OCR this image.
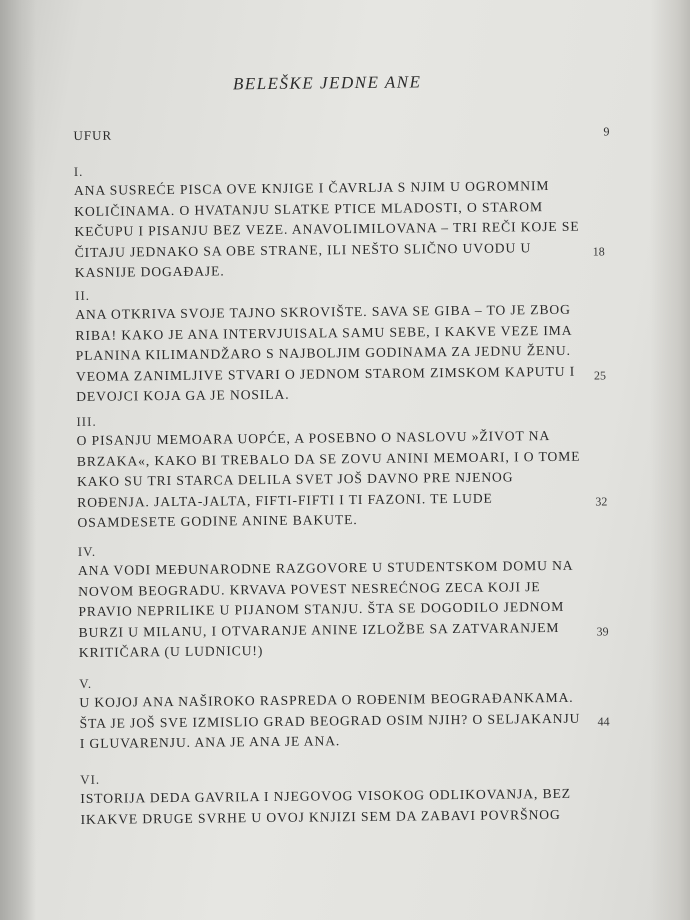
BELEŠKE JEDNE ANE
UFUR	9
I.
ANA SUSREĆE PISCA OVE KNJIGE I ČAVRLJA S NJIM U OGROMNIM KOLIČINAMA. O HVATANJU SLATKE PTICE MLADOSTI, O STAROM KEČUPU I PISANJU BEZ VEZE. ANAVOLIMILOVANA – TRI REČI KOJE SE ČITAJU JEDNAKO SA OBE STRANE, ILI NEŠTO SLIČNO UVODU U KASNIJE DOGAĐAJE.
18
II.
ANA OTKRIVA SVOJE TAJNO SKROVIŠTE. SAVA SE GIBA – TO JE ZBOG RIBA! KAKO JE ANA INTERVJUISALA SAMU SEBE, I KAKVE VEZE IMA PLANINA KILIMANDŽARO S NAJBOLJIM GODINAMA ZA JEDNU ŽENU. VEOMA ZANIMLJIVE STVARI O JEDNOM STAROM ZIMSKOM KAPUTU I DEVOJCI KOJA GA JE NOSILA.
25
III.
O PISANJU MEMOARA UOPĆE, A POSEBNO O NASLOVU »ŽIVOT NA BRZAKA«, KAKO BI TREBALO DA SE ZOVU ANINI MEMOARI, I O TOME KAKO SU TRI STARCA DELILA SVET JOŠ DAVNO PRE NJENOG ROĐENJA. JALTA-JALTA, FIFTI-FIFTI I TI FAZONI. TE LUDE OSAMDESETE GODINE ANINE BAKUTE.
32
IV.
ANA VODI MEĐUNARODNE RAZGOVORE U STUDENTSKOM DOMU NA NOVOM BEOGRADU. KRVAVA POVEST NESREĆNOG ZECA KOJI JE PRAVIO NEPRILIKE U PIJANOM STANJU. ŠTA SE DOGODILO JEDNOM BURZI U MILANU, I OTVARANJE ANINE IZLOŽBE SA ZATVARANJEM KRITIČARA (U LUDNICU!)
39
V.
U KOJOJ ANA NAŠIROKO RASPREDA O ROĐENIM BEOGRAĐANKAMA. ŠTA JE JOŠ SVE IZMISLIO GRAD BEOGRAD OSIM NJIH? O SELJAKANJU I GLUVARENJU. ANA JE ANA JE ANA.
44
VI.
ISTORIJA DEDA GAVRILA I NJEGOVOG VISOKOG ODLIKOVANJA, BEZ IKAKVE DRUGE SVRHE U OVOJ KNJIZI SEM DA ZABAVI POVRŠNOG
